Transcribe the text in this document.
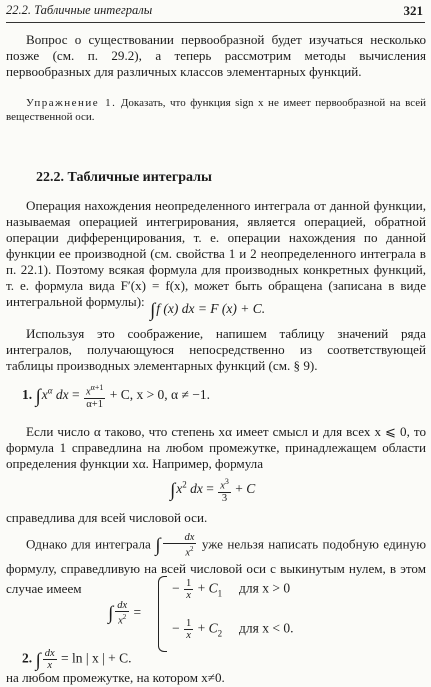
22.2. Табличные интегралы	321

Вопрос о существовании первообразной будет изучаться несколько позже (см. п. 29.2), а теперь рассмотрим методы вычисления первообразных для различных классов элементарных функций.

Упражнение 1. Доказать, что функция sign x не имеет первообразной на всей вещественной оси.

22.2. Табличные интегралы

Операция нахождения неопределенного интеграла от данной функции, называемая операцией интегрирования, является операцией, обратной операции дифференцирования, т. е. операции нахождения по данной функции ее производной (см. свойства 1 и 2 неопределенного интеграла в п. 22.1). Поэтому всякая формула для производных конкретных функций, т. е. формула вида F′(x) = f(x), может быть обращена (записана в виде интегральной формулы): ∫f (x) dx = F (x) + C.

Используя это соображение, напишем таблицу значений ряда интегралов, получающуюся непосредственно из соответствующей таблицы производных элементарных функций (см. § 9).

1. $\int x^\alpha$ dx = $\frac{x^{\alpha+1}}{\alpha+1} + C$, x > 0, α ≠ −1.

Если число α таково, что степень xα имеет смысл и для всех x ⩽ 0, то формула 1 справедлина на любом промежутке, принадлежащем области определения функции xα. Например, формула

$\int x^2$ dx = $\frac{x^3}{3} + C$

справедлива для всей числовой оси.

Однако для интеграла ∫ $\frac{dx}{x^2}$ уже нельзя написать подобную единую формулу, справедливую на всей числовой оси с выкинутым нулем, в этом случае имеем

∫ $\frac{dx}{x^2}$ =
− $\frac{1}{x} + C_1$ для x > 0
− $\frac{1}{x} + C_2$ для x < 0.
2. ∫ $\frac{dx}{x} = \ln$ | x | + C.

на любом промежутке, на котором x≠0.
